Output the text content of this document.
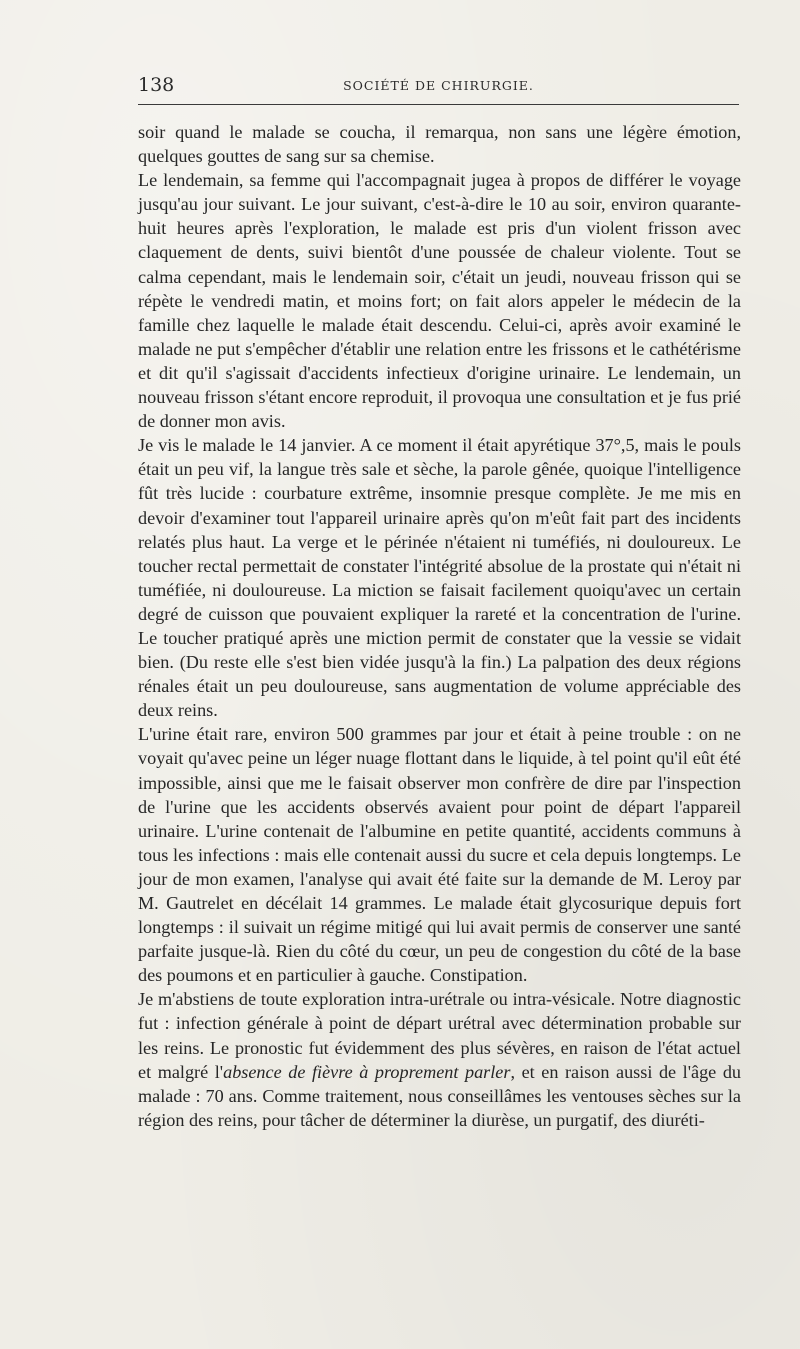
138	SOCIÉTÉ DE CHIRURGIE.

soir quand le malade se coucha, il remarqua, non sans une légère émotion, quelques gouttes de sang sur sa chemise.

Le lendemain, sa femme qui l'accompagnait jugea à propos de différer le voyage jusqu'au jour suivant. Le jour suivant, c'est-à-dire le 10 au soir, environ quarante-huit heures après l'exploration, le malade est pris d'un violent frisson avec claquement de dents, suivi bientôt d'une poussée de chaleur violente. Tout se calma cependant, mais le lendemain soir, c'était un jeudi, nouveau frisson qui se répète le vendredi matin, et moins fort; on fait alors appeler le médecin de la famille chez laquelle le malade était descendu. Celui-ci, après avoir examiné le malade ne put s'empêcher d'établir une relation entre les frissons et le cathétérisme et dit qu'il s'agissait d'accidents infectieux d'origine urinaire. Le lendemain, un nouveau frisson s'étant encore reproduit, il provoqua une consultation et je fus prié de donner mon avis.

Je vis le malade le 14 janvier. A ce moment il était apyrétique 37°,5, mais le pouls était un peu vif, la langue très sale et sèche, la parole gênée, quoique l'intelligence fût très lucide : courbature extrême, insomnie presque complète. Je me mis en devoir d'examiner tout l'appareil urinaire après qu'on m'eût fait part des incidents relatés plus haut. La verge et le périnée n'étaient ni tuméfiés, ni douloureux. Le toucher rectal permettait de constater l'intégrité absolue de la prostate qui n'était ni tuméfiée, ni douloureuse. La miction se faisait facilement quoiqu'avec un certain degré de cuisson que pouvaient expliquer la rareté et la concentration de l'urine. Le toucher pratiqué après une miction permit de constater que la vessie se vidait bien. (Du reste elle s'est bien vidée jusqu'à la fin.) La palpation des deux régions rénales était un peu douloureuse, sans augmentation de volume appréciable des deux reins.

L'urine était rare, environ 500 grammes par jour et était à peine trouble : on ne voyait qu'avec peine un léger nuage flottant dans le liquide, à tel point qu'il eût été impossible, ainsi que me le faisait observer mon confrère de dire par l'inspection de l'urine que les accidents observés avaient pour point de départ l'appareil urinaire. L'urine contenait de l'albumine en petite quantité, accidents communs à tous les infections : mais elle contenait aussi du sucre et cela depuis longtemps. Le jour de mon examen, l'analyse qui avait été faite sur la demande de M. Leroy par M. Gautrelet en décélait 14 grammes. Le malade était glycosurique depuis fort longtemps : il suivait un régime mitigé qui lui avait permis de conserver une santé parfaite jusque-là. Rien du côté du cœur, un peu de congestion du côté de la base des poumons et en particulier à gauche. Constipation.

Je m'abstiens de toute exploration intra-urétrale ou intra-vésicale. Notre diagnostic fut : infection générale à point de départ urétral avec détermination probable sur les reins. Le pronostic fut évidemment des plus sévères, en raison de l'état actuel et malgré l'absence de fièvre à proprement parler, et en raison aussi de l'âge du malade : 70 ans. Comme traitement, nous conseillâmes les ventouses sèches sur la région des reins, pour tâcher de déterminer la diurèse, un purgatif, des diuréti-
